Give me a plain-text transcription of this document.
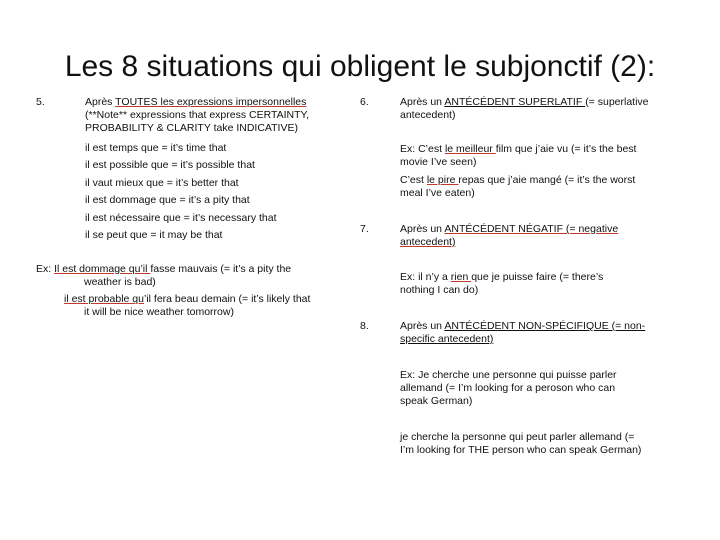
Les 8 situations qui obligent le subjonctif (2):
5.	Après TOUTES les expressions impersonnelles
(**Note** expressions that express CERTAINTY,
PROBABILITY & CLARITY take INDICATIVE)
il est temps que = it’s time that
il est possible que = it’s possible that
il vaut mieux que = it’s better that
il est dommage que = it’s a pity that
il est nécessaire que = it’s necessary that
il se peut que = it may be that
Ex: Il est dommage qu’il fasse mauvais (= it’s a pity the
weather is bad)
il est probable qu’il fera beau demain (= it’s likely that
it will be nice weather tomorrow)
6.	Après un ANTÉCÉDENT SUPERLATIF (= superlative
antecedent)
Ex: C’est le meilleur film que j’aie vu (= it’s the best
movie I’ve seen)
C’est le pire repas que j’aie mangé (= it’s the worst
meal I’ve eaten)
7.	Après un ANTÉCÉDENT NÉGATIF (= negative
antecedent)
Ex: il n’y a rien que je puisse faire (= there’s
nothing I can do)
8.	Après un ANTÉCÉDENT NON-SPÉCIFIQUE (= non-
specific antecedent)
Ex: Je cherche une personne qui puisse parler
allemand (= I’m looking for a peroson who can
speak German)
je cherche la personne qui peut parler allemand (=
I’m looking for THE person who can speak German)
